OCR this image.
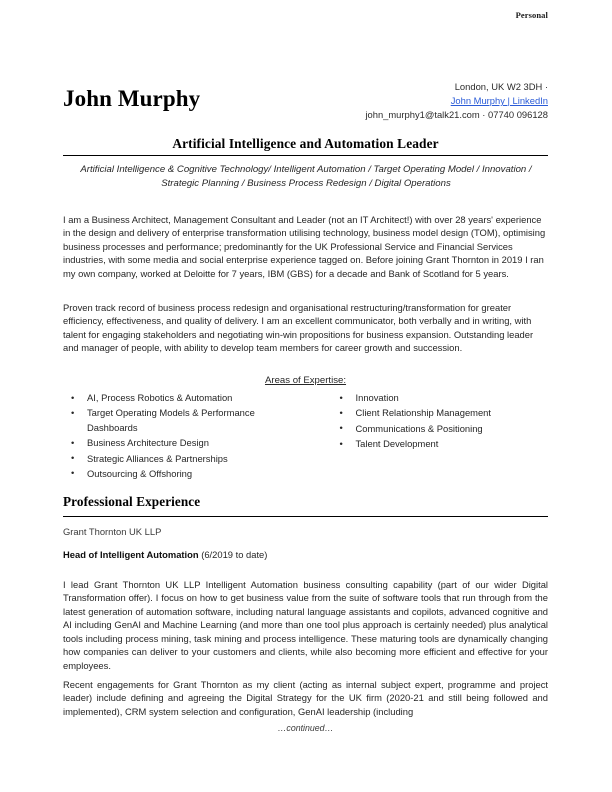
Personal
John Murphy	London, UK W2 3DH ·
John Murphy | LinkedIn
john_murphy1@talk21.com · 07740 096128
Artificial Intelligence and Automation Leader
Artificial Intelligence & Cognitive Technology/ Intelligent Automation / Target Operating Model / Innovation / Strategic Planning / Business Process Redesign / Digital Operations
I am a Business Architect, Management Consultant and Leader (not an IT Architect!) with over 28 years' experience in the design and delivery of enterprise transformation utilising technology, business model design (TOM), optimising business processes and performance; predominantly for the UK Professional Service and Financial Services industries, with some media and social enterprise experience tagged on. Before joining Grant Thornton in 2019 I ran my own company, worked at Deloitte for 7 years, IBM (GBS) for a decade and Bank of Scotland for 5 years.
Proven track record of business process redesign and organisational restructuring/transformation for greater efficiency, effectiveness, and quality of delivery. I am an excellent communicator, both verbally and in writing, with talent for engaging stakeholders and negotiating win-win propositions for business expansion. Outstanding leader and manager of people, with ability to develop team members for career growth and succession.
Areas of Expertise:
• AI, Process Robotics & Automation
• Target Operating Models & Performance Dashboards
• Business Architecture Design
• Strategic Alliances & Partnerships
• Outsourcing & Offshoring
• Innovation
• Client Relationship Management
• Communications & Positioning
• Talent Development
Professional Experience
Grant Thornton UK LLP
Head of Intelligent Automation (6/2019 to date)
I lead Grant Thornton UK LLP Intelligent Automation business consulting capability (part of our wider Digital Transformation offer). I focus on how to get business value from the suite of software tools that run through from the latest generation of automation software, including natural language assistants and copilots, advanced cognitive and AI including GenAI and Machine Learning (and more than one tool plus approach is certainly needed) plus analytical tools including process mining, task mining and process intelligence. These maturing tools are dynamically changing how companies can deliver to your customers and clients, while also becoming more efficient and effective for your employees.
Recent engagements for Grant Thornton as my client (acting as internal subject expert, programme and project leader) include defining and agreeing the Digital Strategy for the UK firm (2020-21 and still being followed and implemented), CRM system selection and configuration, GenAI leadership (including
…continued…
